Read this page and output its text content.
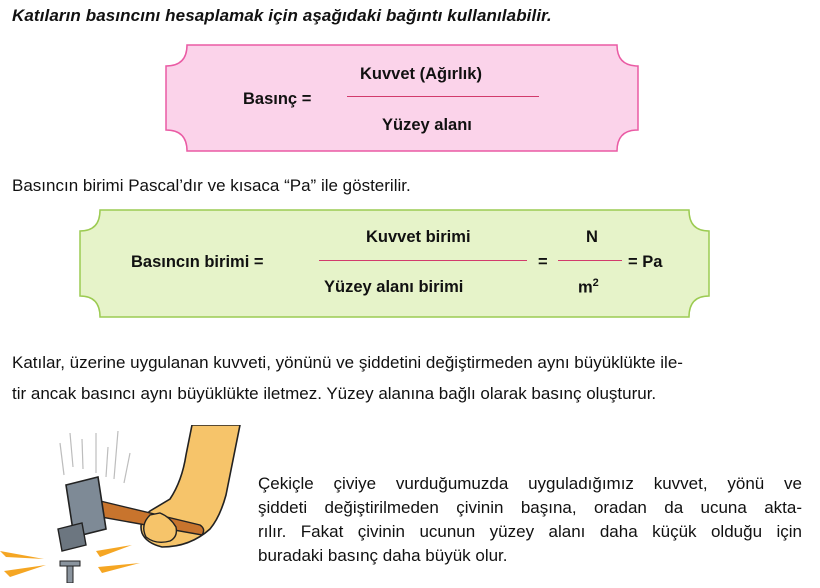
Katıların basıncını hesaplamak için aşağıdaki bağıntı kullanılabilir.
Basınç =
Kuvvet (Ağırlık)
Yüzey alanı
Basıncın birimi Pascal’dır ve kısaca “Pa” ile gösterilir.
Basıncın birimi =
Kuvvet birimi
Yüzey alanı birimi
=
N
$m^2$
= Pa
Katılar, üzerine uygulanan kuvveti, yönünü ve şiddetini değiştirmeden aynı büyüklükte ile-
tir ancak basıncı aynı büyüklükte iletmez. Yüzey alanına bağlı olarak basınç oluşturur.
Çekiçle çiviye vurduğumuzda uyguladığımız kuvvet, yönü ve
şiddeti değiştirilmeden çivinin başına, oradan da ucuna akta-
rılır. Fakat çivinin ucunun yüzey alanı daha küçük olduğu için
buradaki basınç daha büyük olur.
